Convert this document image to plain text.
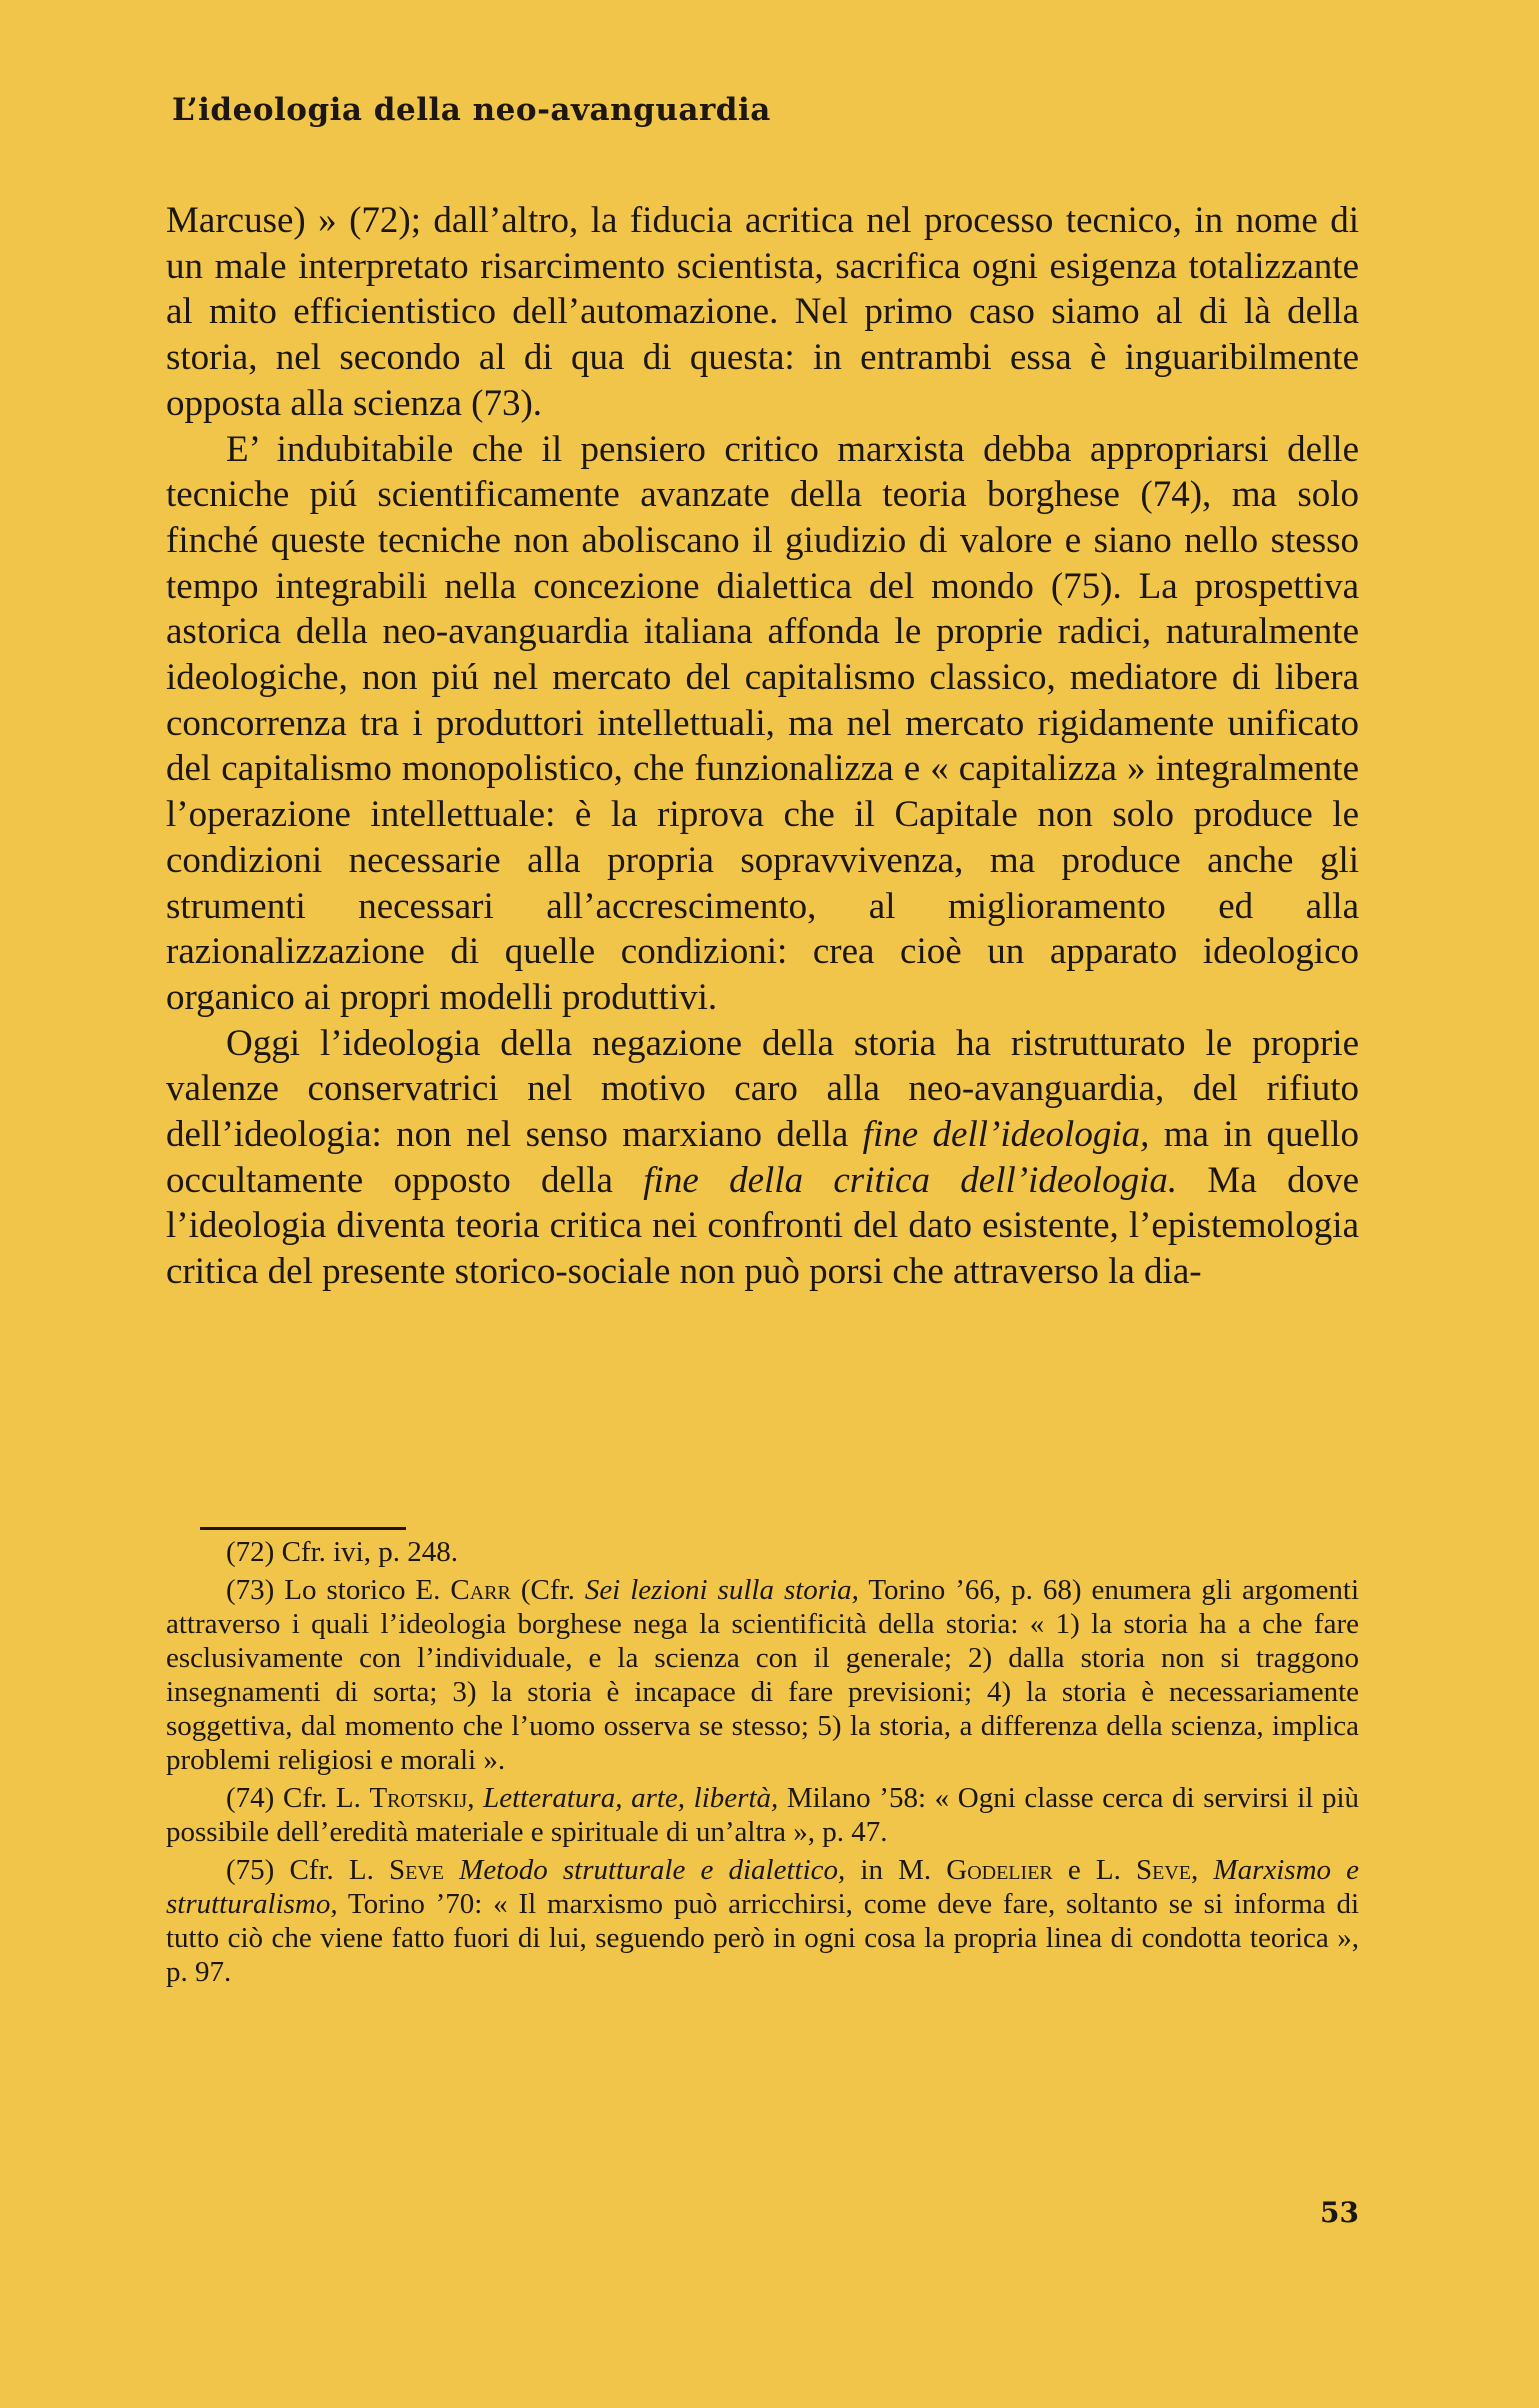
L’ideologia della neo-avanguardia

Marcuse) » (72); dall’altro, la fiducia acritica nel processo tecnico, in nome di un male interpretato risarcimento scientista, sacrifica ogni esigenza totalizzante al mito efficientistico dell’automazione. Nel primo caso siamo al di là della storia, nel secondo al di qua di questa: in entrambi essa è inguaribilmente opposta alla scienza (73).

E’ indubitabile che il pensiero critico marxista debba appropriarsi delle tecniche piú scientificamente avanzate della teoria borghese (74), ma solo finché queste tecniche non aboliscano il giudizio di valore e siano nello stesso tempo integrabili nella concezione dialettica del mondo (75). La prospettiva astorica della neo-avanguardia italiana affonda le proprie radici, naturalmente ideologiche, non piú nel mercato del capitalismo classico, mediatore di libera concorrenza tra i produttori intellettuali, ma nel mercato rigidamente unificato del capitalismo monopolistico, che funzionalizza e « capitalizza » integralmente l’operazione intellettuale: è la riprova che il Capitale non solo produce le condizioni necessarie alla propria sopravvivenza, ma produce anche gli strumenti necessari all’accrescimento, al miglioramento ed alla razionalizzazione di quelle condizioni: crea cioè un apparato ideologico organico ai propri modelli produttivi.

Oggi l’ideologia della negazione della storia ha ristrutturato le proprie valenze conservatrici nel motivo caro alla neo-avanguardia, del rifiuto dell’ideologia: non nel senso marxiano della fine dell’ideologia, ma in quello occultamente opposto della fine della critica dell’ideologia. Ma dove l’ideologia diventa teoria critica nei confronti del dato esistente, l’epistemologia critica del presente storico-sociale non può porsi che attraverso la dia-

(72) Cfr. ivi, p. 248.

(73) Lo storico E. Carr (Cfr. Sei lezioni sulla storia, Torino ’66, p. 68) enumera gli argomenti attraverso i quali l’ideologia borghese nega la scientificità della storia: « 1) la storia ha a che fare esclusivamente con l’individuale, e la scienza con il generale; 2) dalla storia non si traggono insegnamenti di sorta; 3) la storia è incapace di fare previsioni; 4) la storia è necessariamente soggettiva, dal momento che l’uomo osserva se stesso; 5) la storia, a differenza della scienza, implica problemi religiosi e morali ».

(74) Cfr. L. Trotskij, Letteratura, arte, libertà, Milano ’58: « Ogni classe cerca di servirsi il più possibile dell’eredità materiale e spirituale di un’altra », p. 47.

(75) Cfr. L. Seve Metodo strutturale e dialettico, in M. Godelier e L. Seve, Marxismo e strutturalismo, Torino ’70: « Il marxismo può arricchirsi, come deve fare, soltanto se si informa di tutto ciò che viene fatto fuori di lui, seguendo però in ogni cosa la propria linea di condotta teorica », p. 97.

53
